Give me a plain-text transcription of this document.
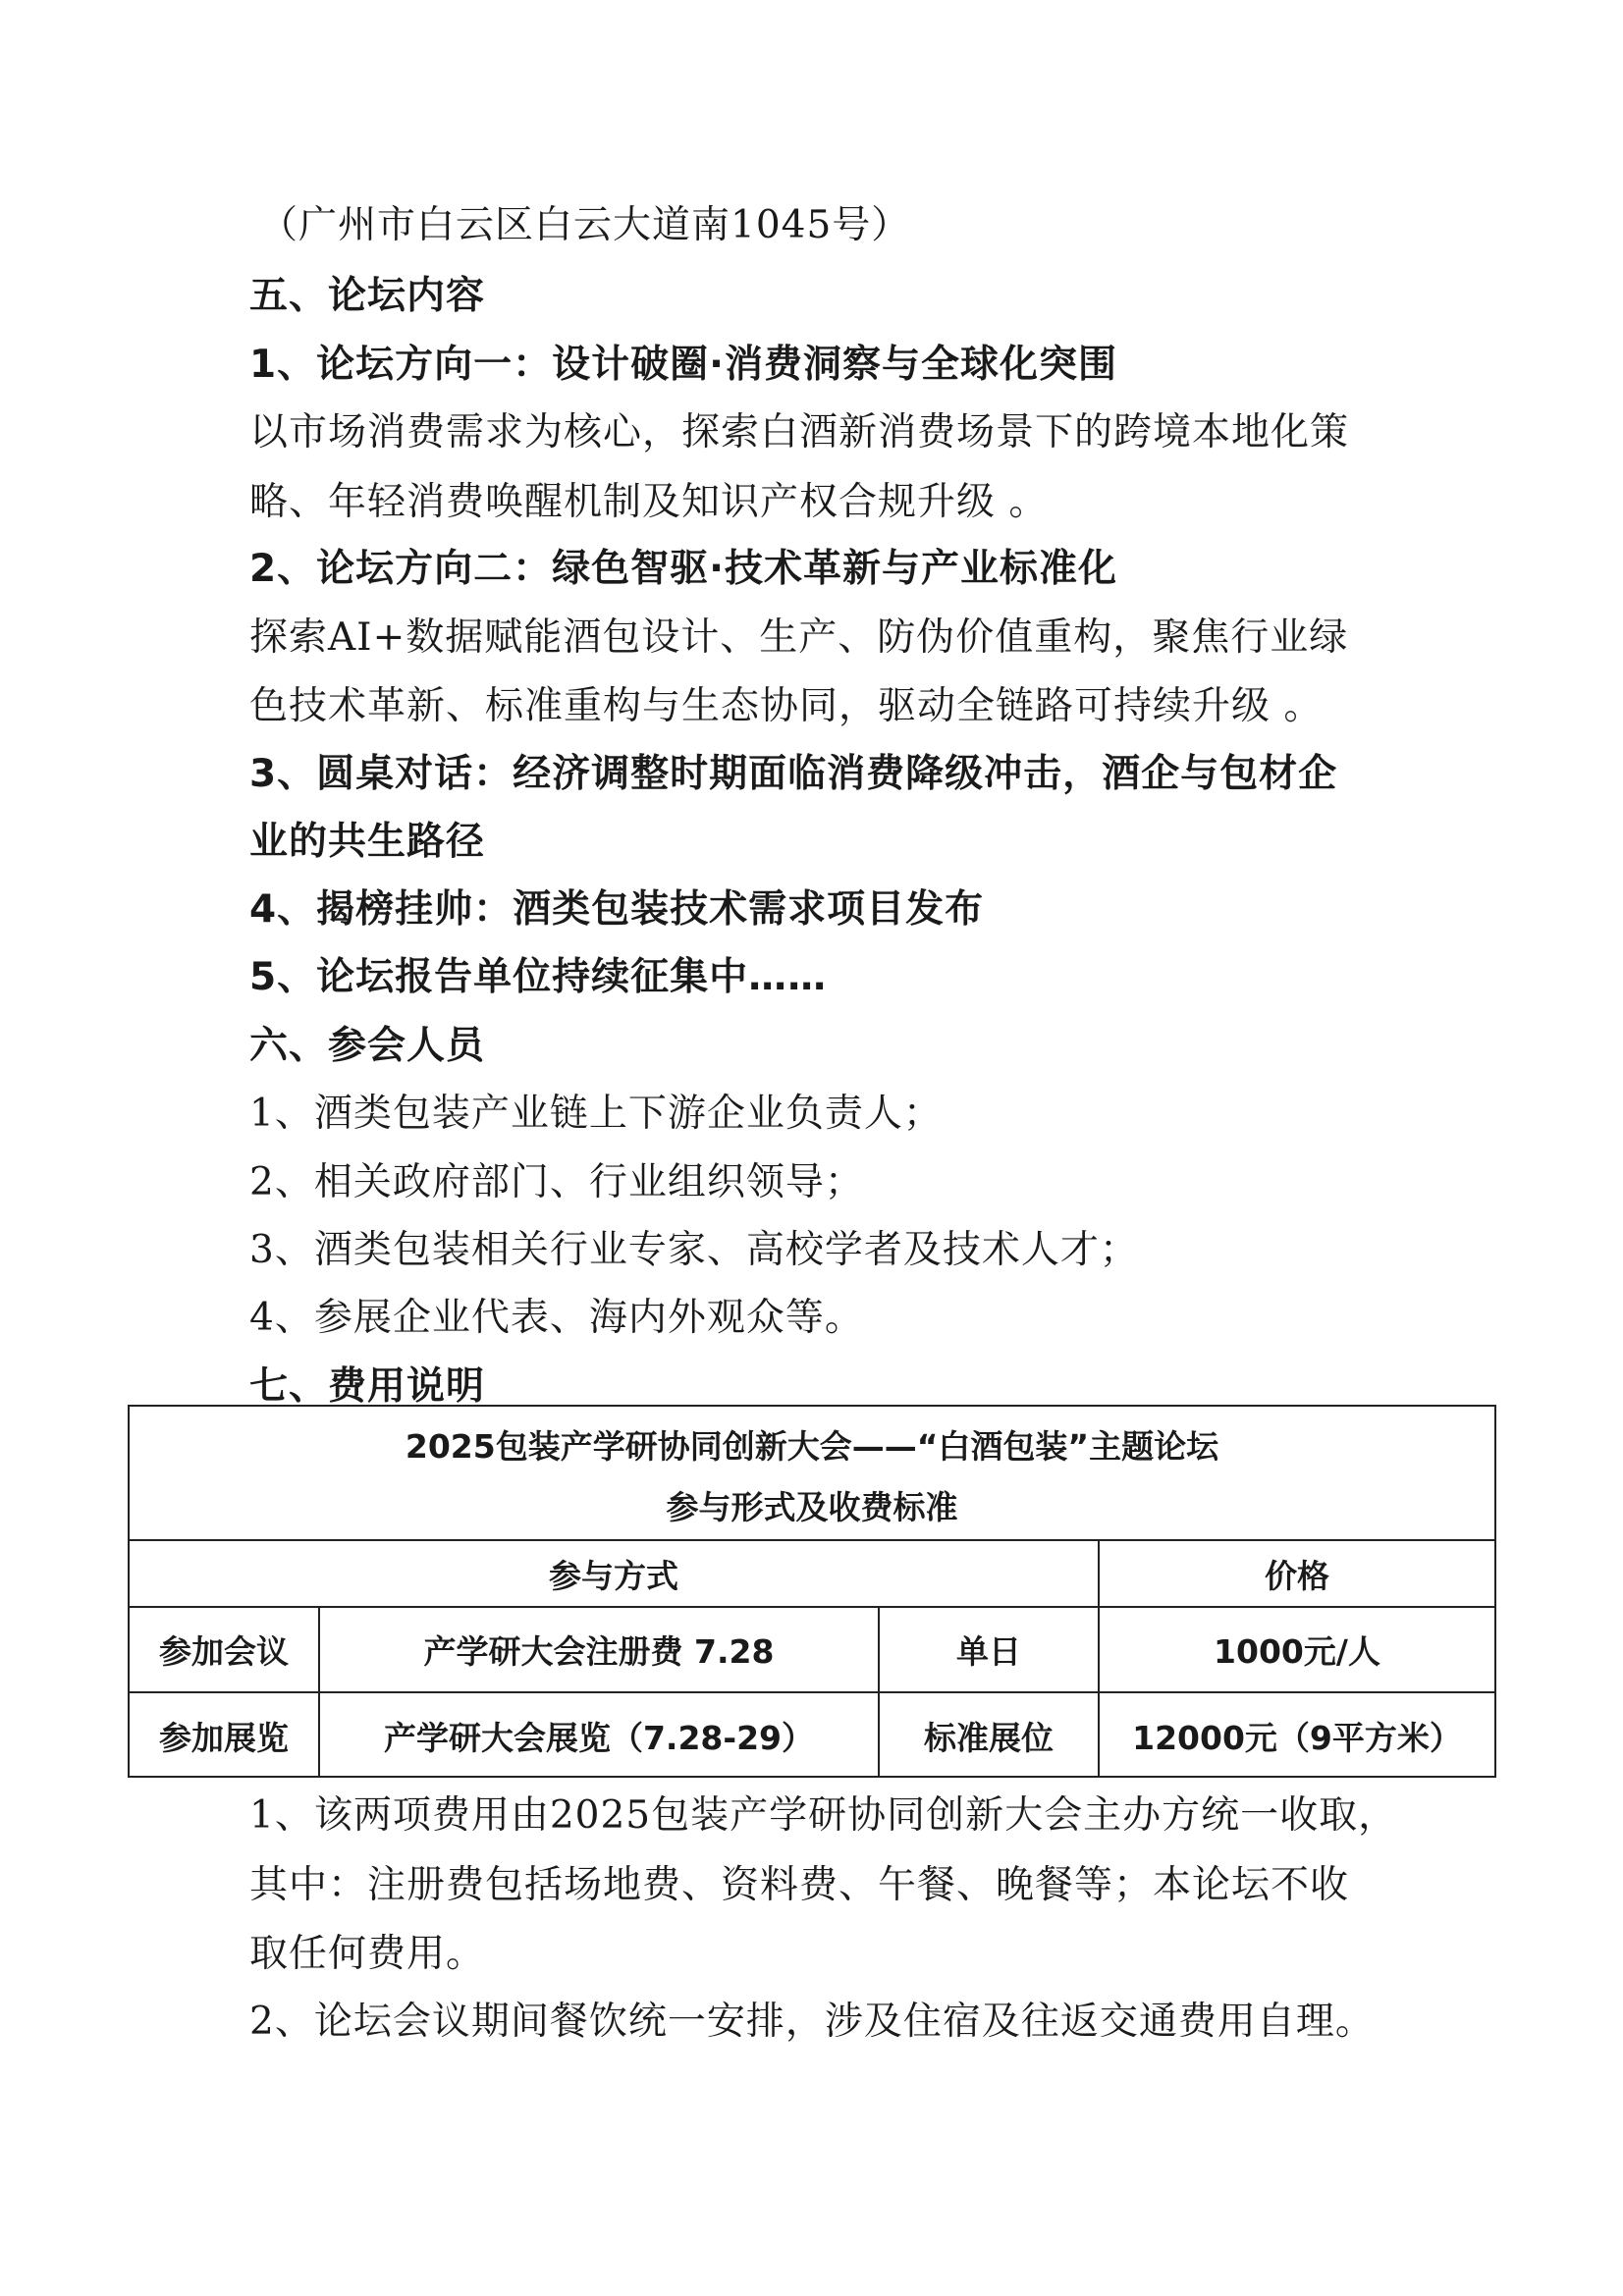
（广州市白云区白云大道南1045号）
五、论坛内容
1、论坛方向一：设计破圈·消费洞察与全球化突围
以市场消费需求为核心，探索白酒新消费场景下的跨境本地化策
略、年轻消费唤醒机制及知识产权合规升级 。
2、论坛方向二：绿色智驱·技术革新与产业标准化
探索AI+数据赋能酒包设计、生产、防伪价值重构，聚焦行业绿
色技术革新、标准重构与生态协同，驱动全链路可持续升级 。
3、圆桌对话：经济调整时期面临消费降级冲击，酒企与包材企
业的共生路径
4、揭榜挂帅：酒类包装技术需求项目发布
5、论坛报告单位持续征集中……
六、参会人员
1、酒类包装产业链上下游企业负责人；
2、相关政府部门、行业组织领导；
3、酒类包装相关行业专家、高校学者及技术人才；
4、参展企业代表、海内外观众等。
七、费用说明
2025包装产学研协同创新大会——“白酒包装”主题论坛
参与形式及收费标准
参与方式	价格
参加会议	产学研大会注册费 7.28	单日	1000元/人
参加展览	产学研大会展览（7.28-29）	标准展位	12000元（9平方米）
1、该两项费用由2025包装产学研协同创新大会主办方统一收取，
其中：注册费包括场地费、资料费、午餐、晚餐等；本论坛不收
取任何费用。
2、论坛会议期间餐饮统一安排，涉及住宿及往返交通费用自理。
